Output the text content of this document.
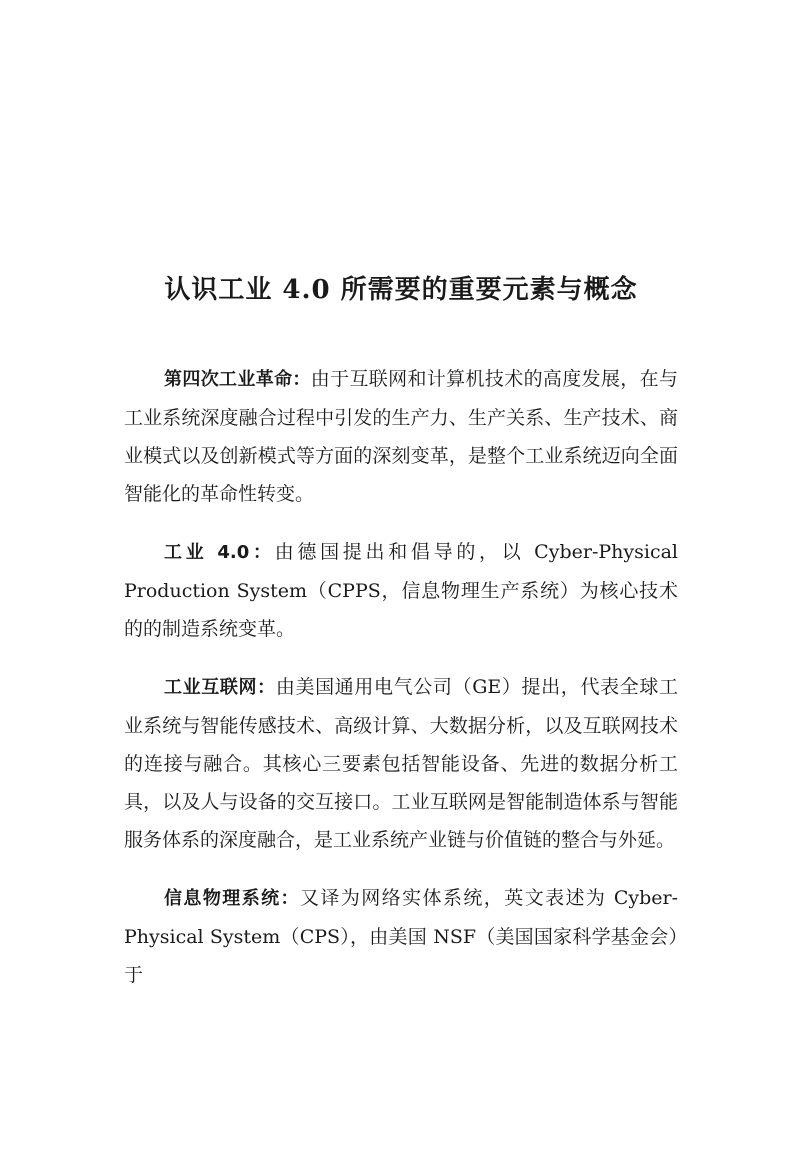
认识工业 4.0 所需要的重要元素与概念

第四次工业革命：由于互联网和计算机技术的高度发展，在与工业系统深度融合过程中引发的生产力、生产关系、生产技术、商业模式以及创新模式等方面的深刻变革，是整个工业系统迈向全面智能化的革命性转变。

工业 4.0：由德国提出和倡导的，以 Cyber-Physical Production System（CPPS，信息物理生产系统）为核心技术的的制造系统变革。

工业互联网：由美国通用电气公司（GE）提出，代表全球工业系统与智能传感技术、高级计算、大数据分析，以及互联网技术的连接与融合。其核心三要素包括智能设备、先进的数据分析工具，以及人与设备的交互接口。工业互联网是智能制造体系与智能服务体系的深度融合，是工业系统产业链与价值链的整合与外延。

信息物理系统：又译为网络实体系统，英文表述为 Cyber-Physical System（CPS），由美国 NSF（美国国家科学基金会）于
